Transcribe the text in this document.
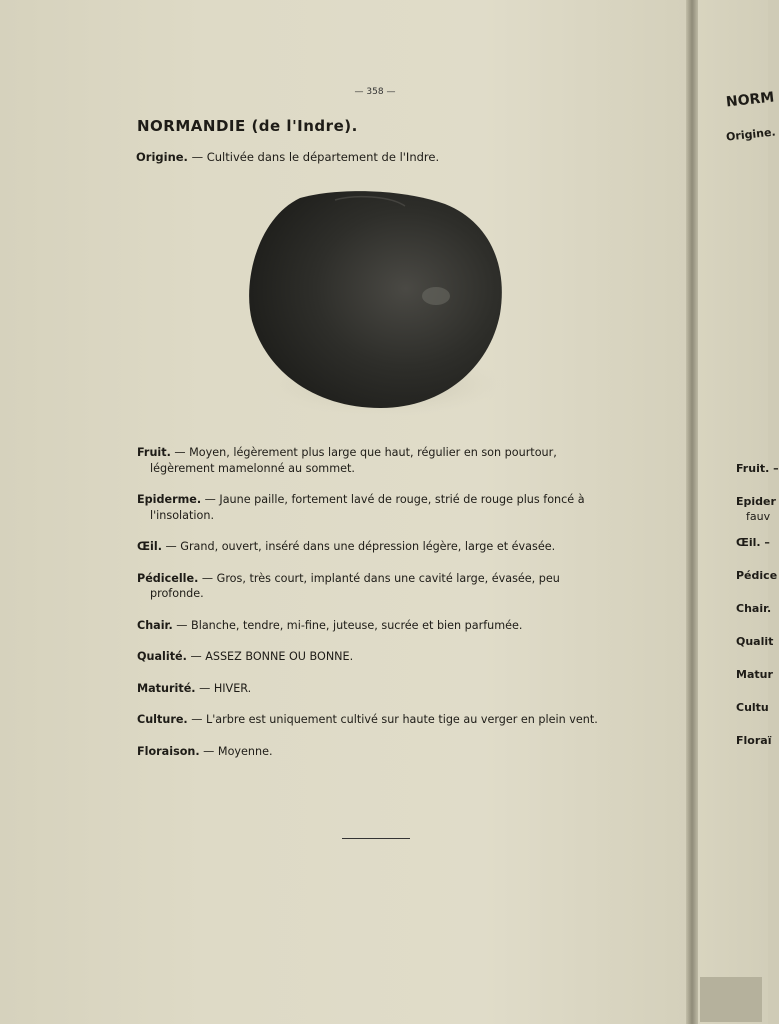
— 358 —
NORMANDIE (de l'Indre).
Origine. — Cultivée dans le département de l'Indre.
Fruit. — Moyen, légèrement plus large que haut, régulier en son pourtour, légèrement mamelonné au sommet.
Epiderme. — Jaune paille, fortement lavé de rouge, strié de rouge plus foncé à l'insolation.
Œil. — Grand, ouvert, inséré dans une dépression légère, large et évasée.
Pédicelle. — Gros, très court, implanté dans une cavité large, évasée, peu profonde.
Chair. — Blanche, tendre, mi-fine, juteuse, sucrée et bien parfumée.
Qualité. — ASSEZ BONNE OU BONNE.
Maturité. — HIVER.
Culture. — L'arbre est uniquement cultivé sur haute tige au verger en plein vent.
Floraison. — Moyenne.
NORM
Origine.
Fruit. –
Epider
fauv
Œil. –
Pédice
Chair.
Qualit
Matur
Cultu
Floraï
